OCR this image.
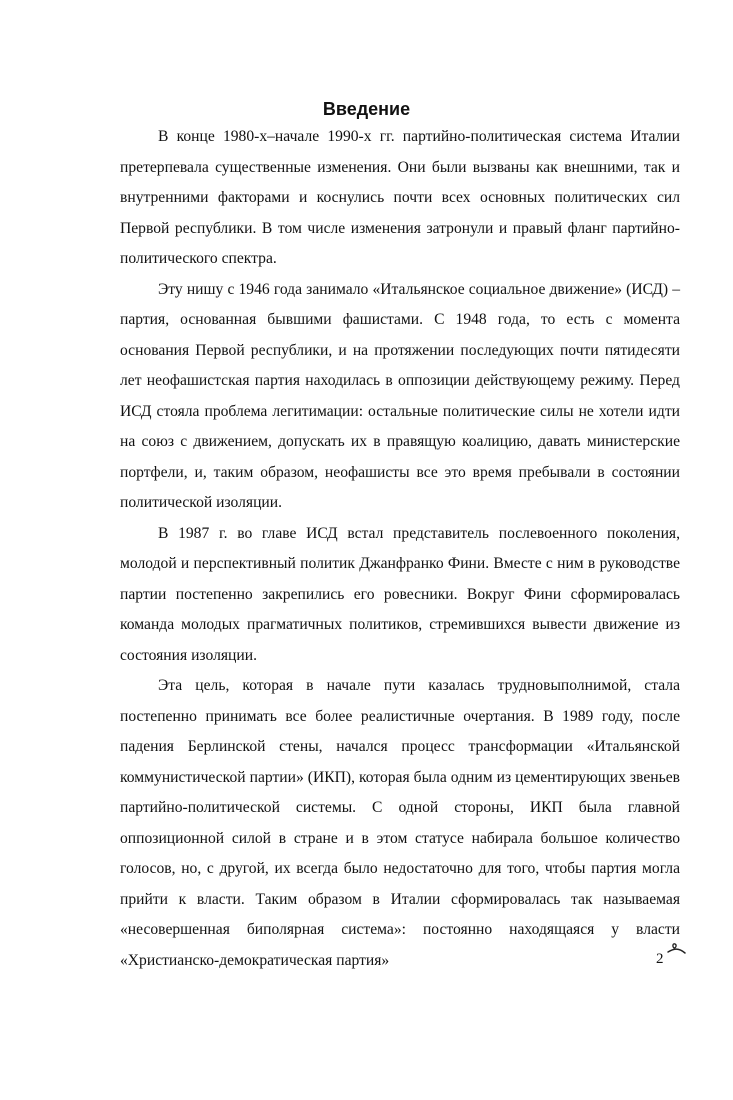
Введение

В конце 1980-х–начале 1990-х гг. партийно-политическая система Италии претерпевала существенные изменения. Они были вызваны как внешними, так и внутренними факторами и коснулись почти всех основных политических сил Первой республики. В том числе изменения затронули и правый фланг партийно-политического спектра.

Эту нишу с 1946 года занимало «Итальянское социальное движение» (ИСД) – партия, основанная бывшими фашистами. С 1948 года, то есть с момента основания Первой республики, и на протяжении последующих почти пятидесяти лет неофашистская партия находилась в оппозиции действующему режиму. Перед ИСД стояла проблема легитимации: остальные политические силы не хотели идти на союз с движением, допускать их в правящую коалицию, давать министерские портфели, и, таким образом, неофашисты все это время пребывали в состоянии политической изоляции.

В 1987 г. во главе ИСД встал представитель послевоенного поколения, молодой и перспективный политик Джанфранко Фини. Вместе с ним в руководстве партии постепенно закрепились его ровесники. Вокруг Фини сформировалась команда молодых прагматичных политиков, стремившихся вывести движение из состояния изоляции.

Эта цель, которая в начале пути казалась трудновыполнимой, стала постепенно принимать все более реалистичные очертания. В 1989 году, после падения Берлинской стены, начался процесс трансформации «Итальянской коммунистической партии» (ИКП), которая была одним из цементирующих звеньев партийно-политической системы. С одной стороны, ИКП была главной оппозиционной силой в стране и в этом статусе набирала большое количество голосов, но, с другой, их всегда было недостаточно для того, чтобы партия могла прийти к власти. Таким образом в Италии сформировалась так называемая «несовершенная биполярная система»: постоянно находящаяся у власти «Христианско-демократическая партия»	2
